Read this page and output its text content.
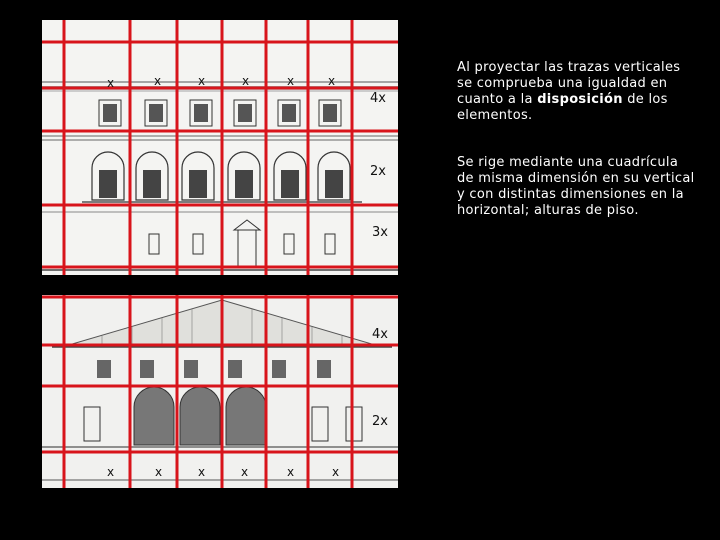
x	x	x	x	x	x
4x
2x
3x
4x
2x
x	x	x	x	x	x
Al proyectar las trazas verticales se comprueba una igualdad en cuanto a la disposición de los elementos.
Se rige mediante una cuadrícula de misma dimensión en su vertical y con distintas dimensiones en la horizontal; alturas de piso.
